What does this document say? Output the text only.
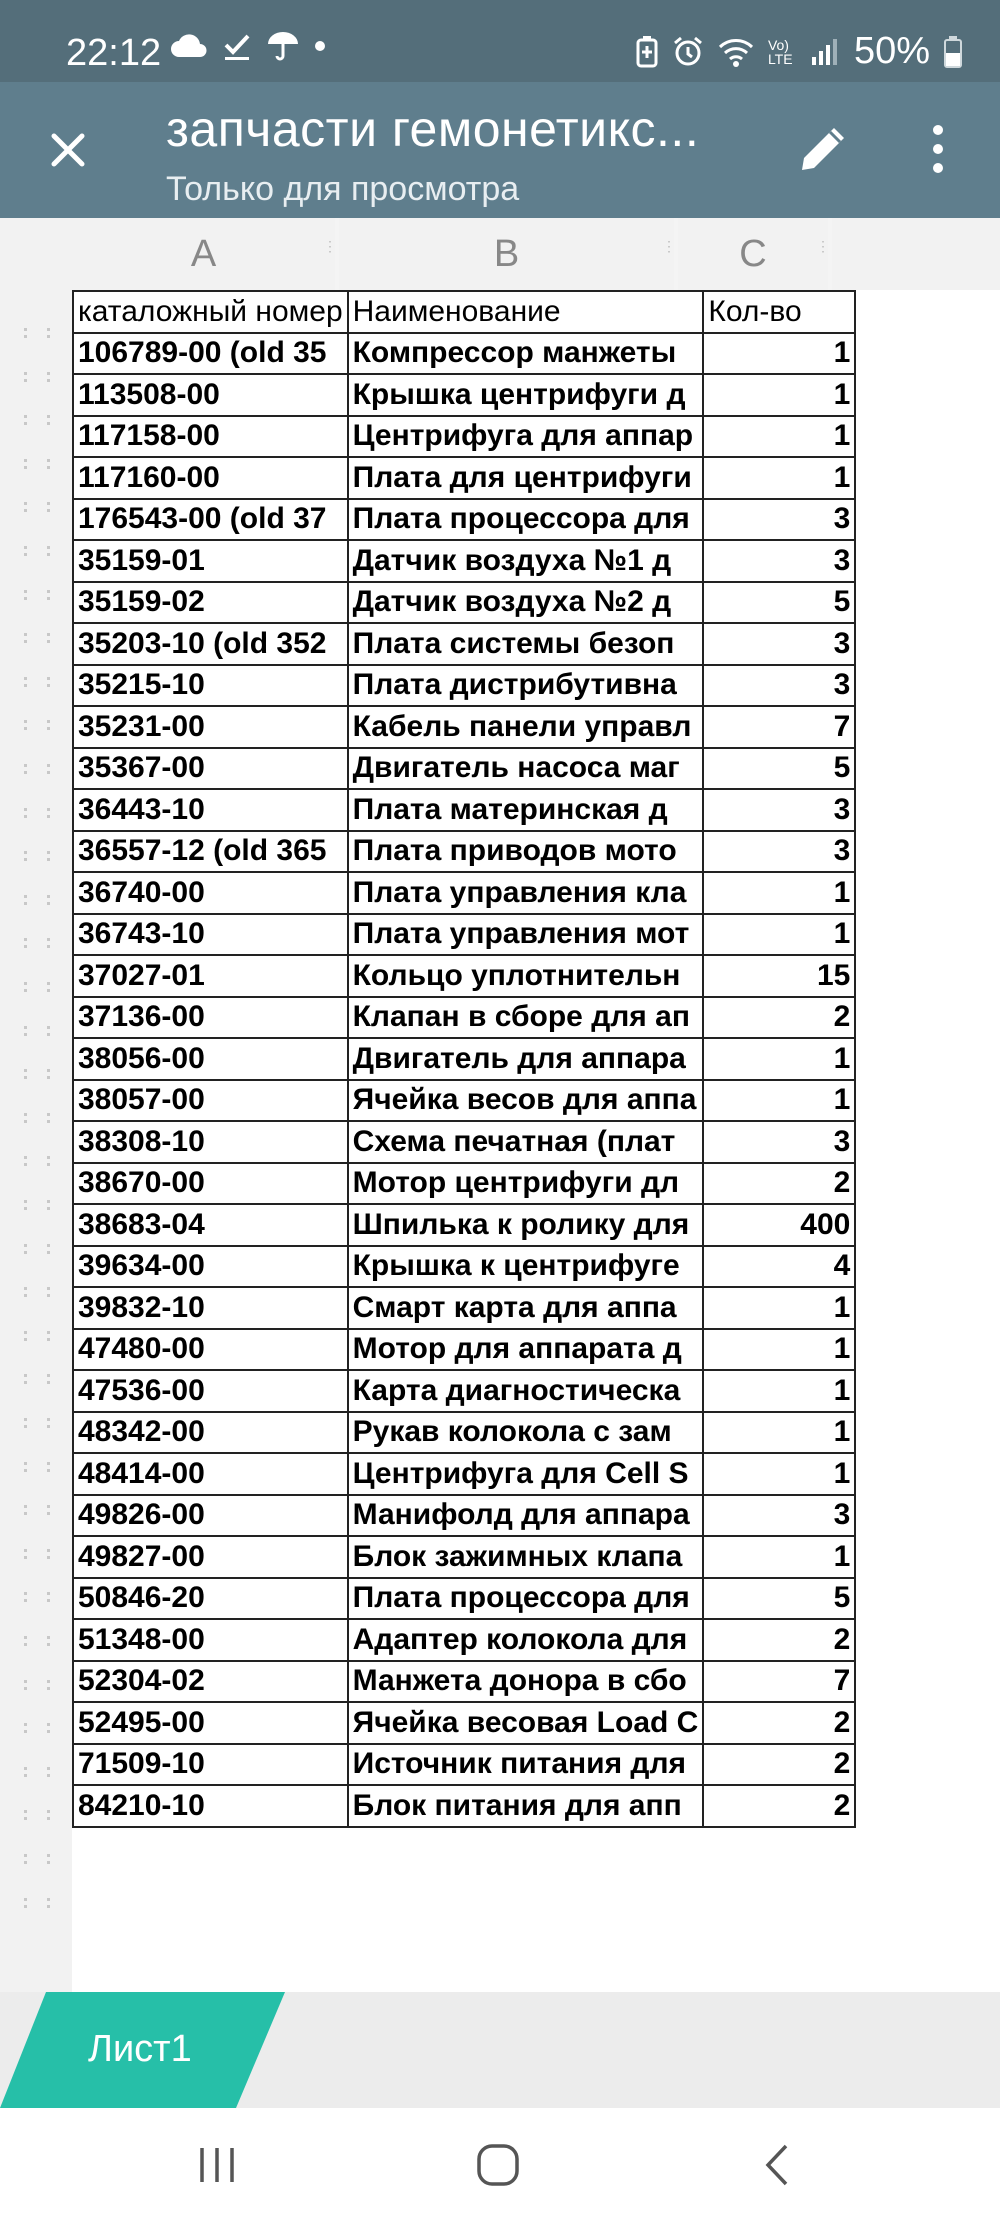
22:12	Vo) LTE 50%
запчасти гемонетикс...
Только для просмотра
A	⋮	B	⋮	C	⋮
каталожный номер	Наименование	Кол-во
106789-00 (old 35	Компрессор манжеты	1
113508-00	Крышка центрифуги д	1
117158-00	Центрифуга для аппар	1
117160-00	Плата для центрифуги	1
176543-00 (old 37	Плата процессора для	3
35159-01	Датчик воздуха №1 д	3
35159-02	Датчик воздуха №2 д	5
35203-10 (old 352	Плата системы безоп	3
35215-10	Плата дистрибутивна	3
35231-00	Кабель панели управл	7
35367-00	Двигатель насоса маг	5
36443-10	Плата материнская д	3
36557-12 (old 365	Плата приводов мото	3
36740-00	Плата управления кла	1
36743-10	Плата управления мот	1
37027-01	Кольцо уплотнительн	15
37136-00	Клапан в сборе для ап	2
38056-00	Двигатель для аппара	1
38057-00	Ячейка весов для аппа	1
38308-10	Схема печатная (плат	3
38670-00	Мотор центрифуги дл	2
38683-04	Шпилька к ролику для	400
39634-00	Крышка к центрифуге	4
39832-10	Смарт карта для аппа	1
47480-00	Мотор для аппарата д	1
47536-00	Карта диагностическа	1
48342-00	Рукав колокола с зам	1
48414-00	Центрифуга для Cell S	1
49826-00	Манифолд для аппара	3
49827-00	Блок зажимных клапа	1
50846-20	Плата процессора для	5
51348-00	Адаптер колокола для	2
52304-02	Манжета донора в сбо	7
52495-00	Ячейка весовая Load C	2
71509-10	Источник питания для	2
84210-10	Блок питания для апп	2
Лист1
